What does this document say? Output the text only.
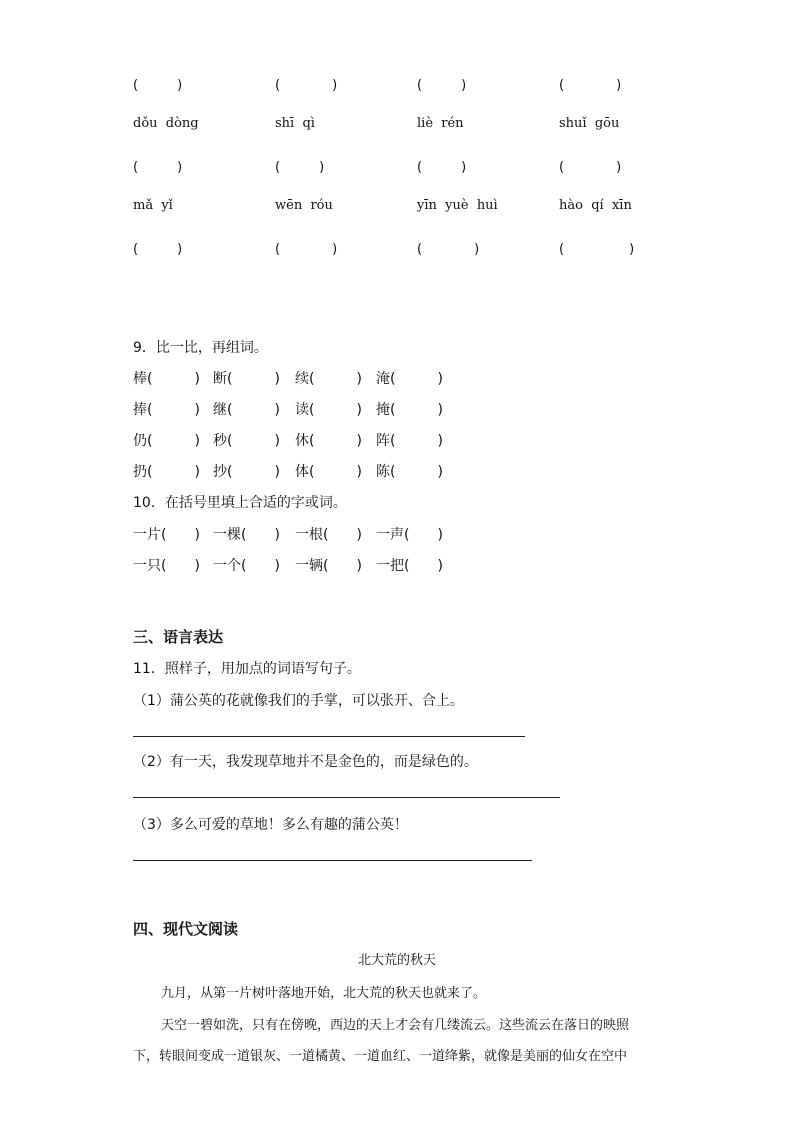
(　　　)	(　　　　)	(　　　)	(　　　　)
dǒu  dòng	shī  qì	liè  rén	shuǐ  gōu
(　　　)	(　　　)	(　　　)	(　　　　)
mǎ  yǐ	wēn  róu	yīn  yuè  huì	hào  qí  xīn
(　　　)	(　　　　)	(　　　　)	(　　　　　)
9．比一比，再组词。
棒(　　　) 断(　　　) 续(　　　) 淹(　　　)
捧(　　　) 继(　　　) 读(　　　) 掩(　　　)
仍(　　　) 秒(　　　) 休(　　　) 阵(　　　)
扔(　　　) 抄(　　　) 体(　　　) 陈(　　　)
10．在括号里填上合适的字或词。
一片(　　) 一棵(　　) 一根(　　) 一声(　　)
一只(　　) 一个(　　) 一辆(　　) 一把(　　)
三、语言表达
11．照样子，用加点的词语写句子。
（1）蒲公英的花就像我们的手掌，可以张开、合上。
（2）有一天，我发现草地并不是金色的，而是绿色的。
（3）多么可爱的草地！多么有趣的蒲公英！
四、现代文阅读
北大荒的秋天
九月，从第一片树叶落地开始，北大荒的秋天也就来了。
天空一碧如洗，只有在傍晚，西边的天上才会有几缕流云。这些流云在落日的映照
下，转眼间变成一道银灰、一道橘黄、一道血红、一道绛紫，就像是美丽的仙女在空中
